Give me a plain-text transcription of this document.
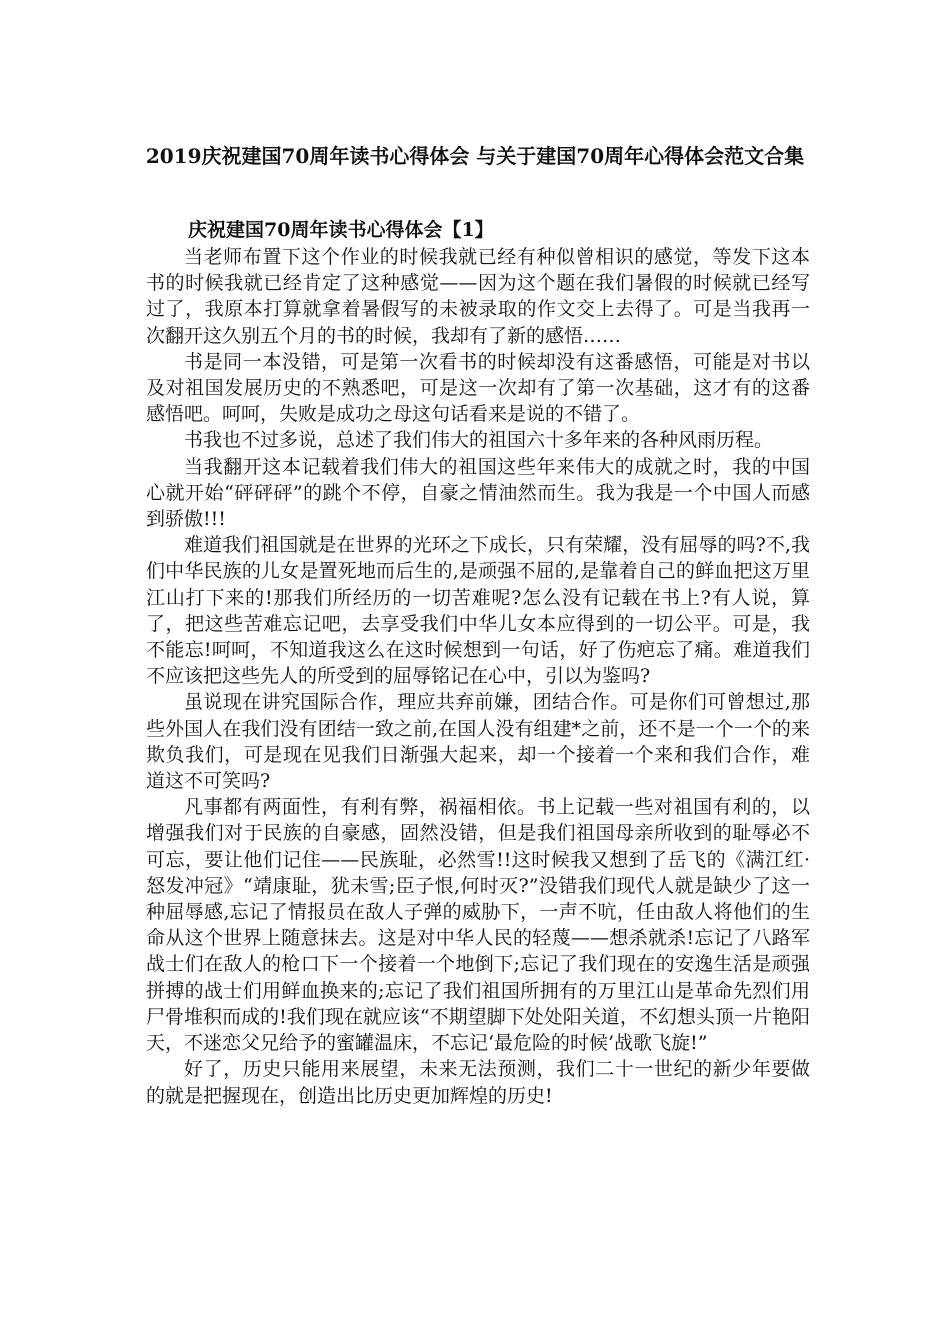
2019庆祝建国70周年读书心得体会 与关于建国70周年心得体会范文合集

庆祝建国70周年读书心得体会【1】

当老师布置下这个作业的时候我就已经有种似曾相识的感觉，等发下这本书的时候我就已经肯定了这种感觉——因为这个题在我们暑假的时候就已经写过了，我原本打算就拿着暑假写的未被录取的作文交上去得了。可是当我再一次翻开这久别五个月的书的时候，我却有了新的感悟……

书是同一本没错，可是第一次看书的时候却没有这番感悟，可能是对书以及对祖国发展历史的不熟悉吧，可是这一次却有了第一次基础，这才有的这番感悟吧。呵呵，失败是成功之母这句话看来是说的不错了。

书我也不过多说，总述了我们伟大的祖国六十多年来的各种风雨历程。

当我翻开这本记载着我们伟大的祖国这些年来伟大的成就之时，我的中国心就开始“砰砰砰”的跳个不停，自豪之情油然而生。我为我是一个中国人而感到骄傲!!!

难道我们祖国就是在世界的光环之下成长，只有荣耀，没有屈辱的吗?不,我们中华民族的儿女是置死地而后生的,是顽强不屈的,是靠着自己的鲜血把这万里江山打下来的!那我们所经历的一切苦难呢?怎么没有记载在书上?有人说，算了，把这些苦难忘记吧，去享受我们中华儿女本应得到的一切公平。可是，我不能忘!呵呵，不知道我这么在这时候想到一句话，好了伤疤忘了痛。难道我们不应该把这些先人的所受到的屈辱铭记在心中，引以为鉴吗?

虽说现在讲究国际合作，理应共弃前嫌，团结合作。可是你们可曾想过,那些外国人在我们没有团结一致之前,在国人没有组建*之前，还不是一个一个的来欺负我们，可是现在见我们日渐强大起来，却一个接着一个来和我们合作，难道这不可笑吗?

凡事都有两面性，有利有弊，祸福相依。书上记载一些对祖国有利的，以增强我们对于民族的自豪感，固然没错，但是我们祖国母亲所收到的耻辱必不可忘，要让他们记住——民族耻，必然雪!!这时候我又想到了岳飞的《满江红·怒发冲冠》“靖康耻，犹未雪;臣子恨,何时灭?”没错我们现代人就是缺少了这一种屈辱感,忘记了情报员在敌人子弹的威胁下，一声不吭，任由敌人将他们的生命从这个世界上随意抹去。这是对中华人民的轻蔑——想杀就杀!忘记了八路军战士们在敌人的枪口下一个接着一个地倒下;忘记了我们现在的安逸生活是顽强拼搏的战士们用鲜血换来的;忘记了我们祖国所拥有的万里江山是革命先烈们用尸骨堆积而成的!我们现在就应该“不期望脚下处处阳关道，不幻想头顶一片艳阳天，不迷恋父兄给予的蜜罐温床，不忘记‘最危险的时候’战歌飞旋!”

好了，历史只能用来展望，未来无法预测，我们二十一世纪的新少年要做的就是把握现在，创造出比历史更加辉煌的历史!
